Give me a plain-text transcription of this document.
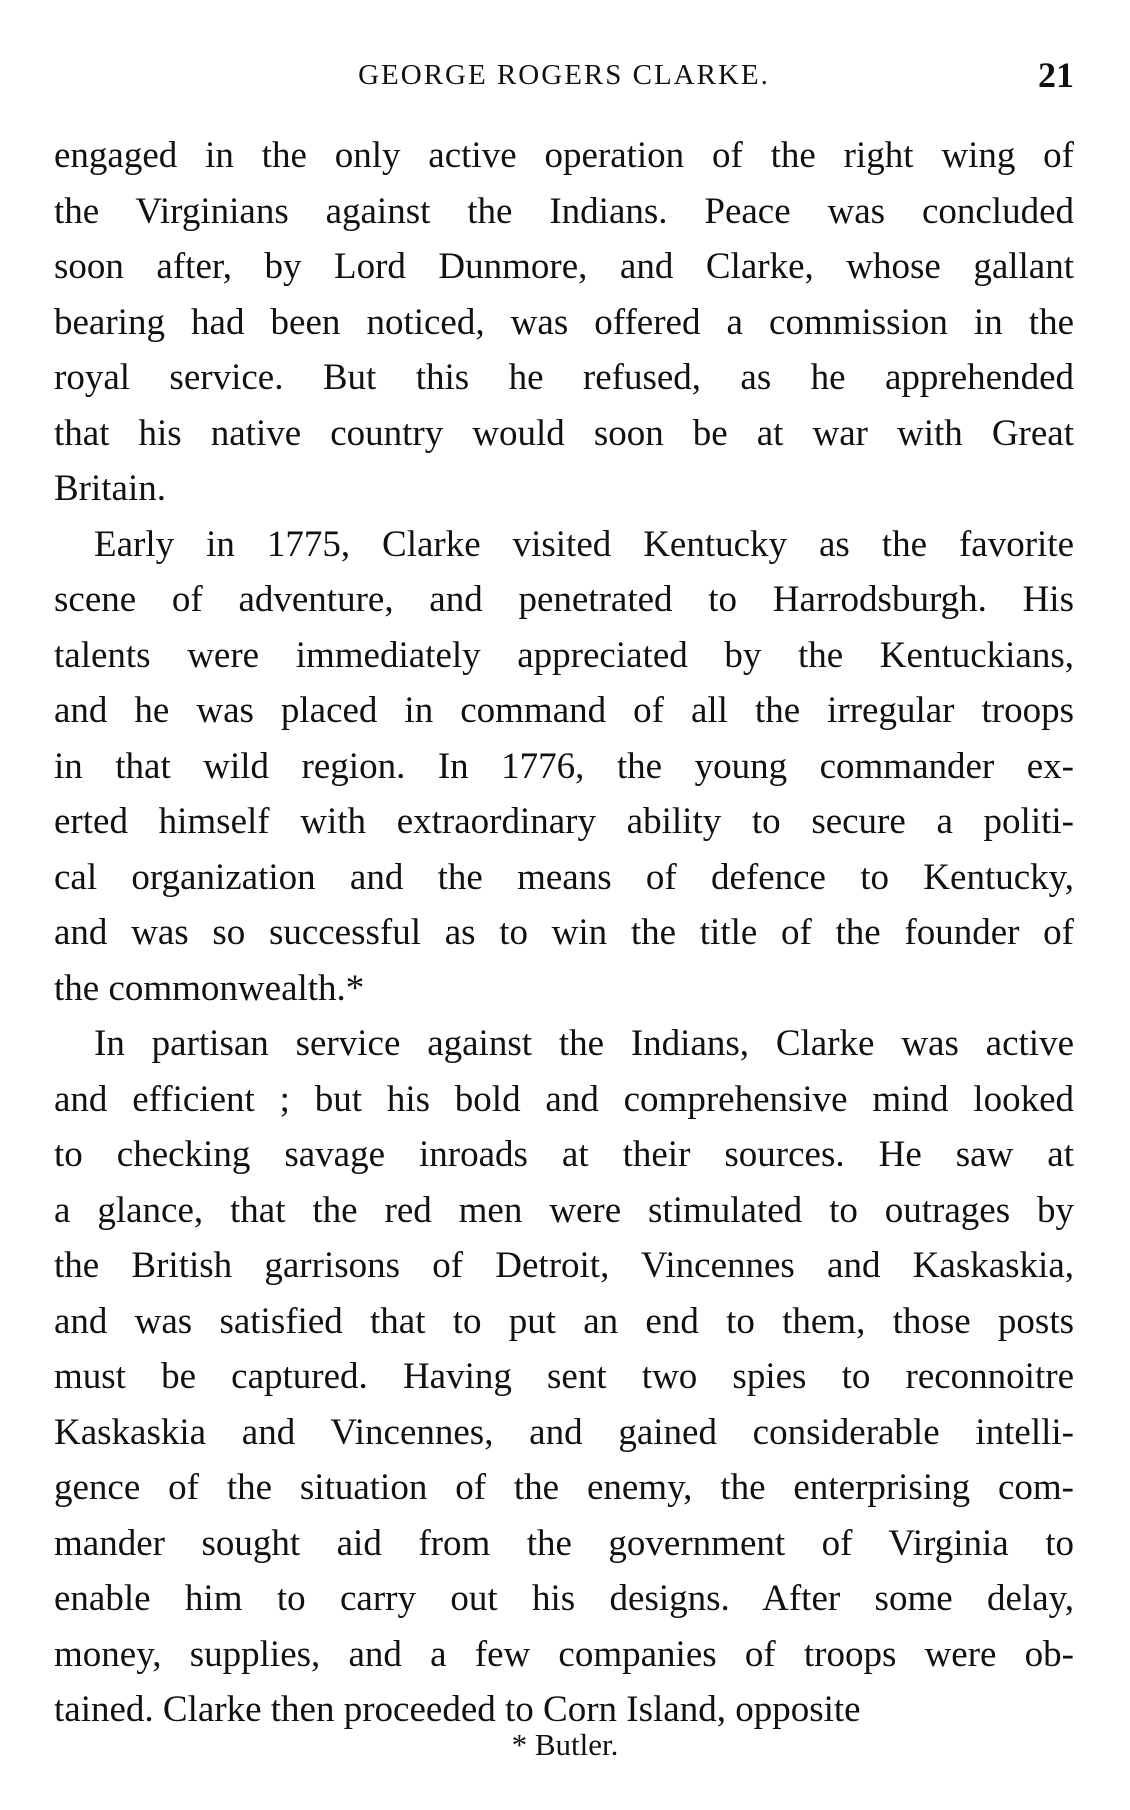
GEORGE ROGERS CLARKE.	21
engaged in the only active operation of the right wing of
the Virginians against the Indians. Peace was concluded
soon after, by Lord Dunmore, and Clarke, whose gallant
bearing had been noticed, was offered a commission in the
royal service. But this he refused, as he apprehended
that his native country would soon be at war with Great
Britain.
Early in 1775, Clarke visited Kentucky as the favorite
scene of adventure, and penetrated to Harrodsburgh. His
talents were immediately appreciated by the Kentuckians,
and he was placed in command of all the irregular troops
in that wild region. In 1776, the young commander ex-
erted himself with extraordinary ability to secure a politi-
cal organization and the means of defence to Kentucky,
and was so successful as to win the title of the founder of
the commonwealth.*
In partisan service against the Indians, Clarke was active
and efficient ; but his bold and comprehensive mind looked
to checking savage inroads at their sources. He saw at
a glance, that the red men were stimulated to outrages by
the British garrisons of Detroit, Vincennes and Kaskaskia,
and was satisfied that to put an end to them, those posts
must be captured. Having sent two spies to reconnoitre
Kaskaskia and Vincennes, and gained considerable intelli-
gence of the situation of the enemy, the enterprising com-
mander sought aid from the government of Virginia to
enable him to carry out his designs. After some delay,
money, supplies, and a few companies of troops were ob-
tained. Clarke then proceeded to Corn Island, opposite
* Butler.
